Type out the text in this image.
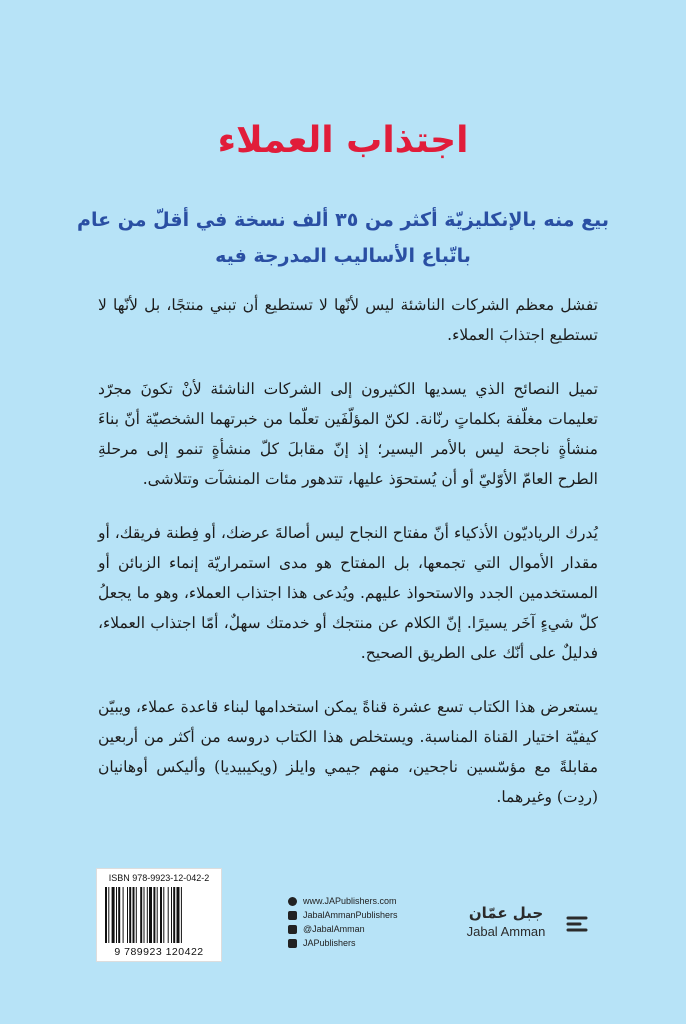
اجتذاب العملاء
بيع منه بالإنكليزيّة أكثر من ٣٥ ألف نسخة في أقلّ من عام
باتّباع الأساليب المدرجة فيه

تفشل معظم الشركات الناشئة ليس لأنّها لا تستطيع أن تبني منتجًا، بل لأنّها لا تستطيع اجتذابَ العملاء.

تميل النصائح الذي يسديها الكثيرون إلى الشركات الناشئة لأنْ تكونَ مجرّد تعليمات مغلّفة بكلماتٍ رنّانة. لكنّ المؤلّفَين تعلّما من خبرتهما الشخصيّة أنّ بناءَ منشأةٍ ناجحة ليس بالأمر اليسير؛ إذ إنّ مقابلَ كلّ منشأةٍ تنمو إلى مرحلةِ الطرح العامّ الأوّليّ أو أن يُستحوَذ عليها، تتدهور مئات المنشآت وتتلاشى.

يُدرك الرياديّون الأذكياء أنّ مفتاح النجاح ليس أصالةَ عرضك، أو فِطنة فريقك، أو مقدار الأموال التي تجمعها، بل المفتاح هو مدى استمراريّة إنماء الزبائن أو المستخدمين الجدد والاستحواذ عليهم. ويُدعى هذا اجتذاب العملاء، وهو ما يجعلُ كلّ شيءٍ آخَر يسيرًا. إنّ الكلام عن منتجك أو خدمتك سهلٌ، أمّا اجتذاب العملاء، فدليلٌ على أنّك على الطريق الصحيح.

يستعرض هذا الكتاب تسع عشرة قناةً يمكن استخدامها لبناء قاعدة عملاء، ويبيّن كيفيّة اختيار القناة المناسبة. ويستخلص هذا الكتاب دروسه من أكثر من أربعين مقابلةً مع مؤسّسين ناجحين، منهم جيمي وايلز (ويكيبيديا) وأليكس أوهانيان (ردِت) وغيرهما.

ISBN 978-9923-12-042-2
9 789923 120422
www.JAPublishers.com
JabalAmmanPublishers
@JabalAmman
JAPublishers
جبل عمّان
Jabal Amman
